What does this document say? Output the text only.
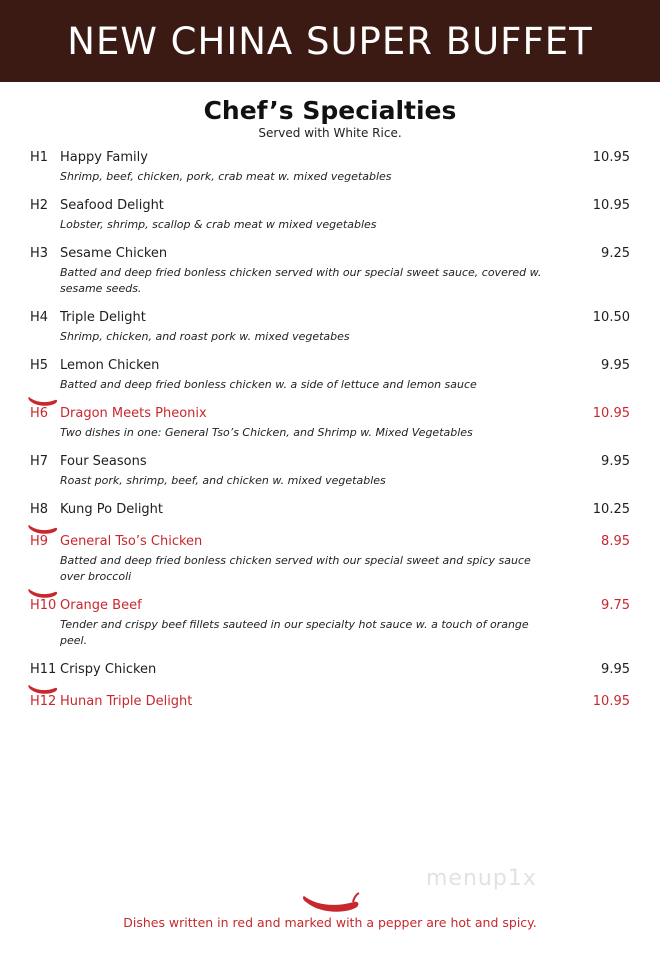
NEW CHINA SUPER BUFFET
Chef’s Specialties
Served with White Rice.
H1 Happy Family	10.95
Shrimp, beef, chicken, pork, crab meat w. mixed vegetables
H2 Seafood Delight	10.95
Lobster, shrimp, scallop & crab meat w mixed vegetables
H3 Sesame Chicken	9.25
Batted and deep fried bonless chicken served with our special sweet sauce, covered w. sesame seeds.
H4 Triple Delight	10.50
Shrimp, chicken, and roast pork w. mixed vegetabes
H5 Lemon Chicken	9.95
Batted and deep fried bonless chicken w. a side of lettuce and lemon sauce
H6 Dragon Meets Pheonix	10.95
Two dishes in one: General Tso’s Chicken, and Shrimp w. Mixed Vegetables
H7 Four Seasons	9.95
Roast pork, shrimp, beef, and chicken w. mixed vegetables
H8 Kung Po Delight	10.25
H9 General Tso’s Chicken	8.95
Batted and deep fried bonless chicken served with our special sweet and spicy sauce over broccoli
H10 Orange Beef	9.75
Tender and crispy beef fillets sauteed in our specialty hot sauce w. a touch of orange peel.
H11 Crispy Chicken	9.95
H12 Hunan Triple Delight	10.95
menup1x
Dishes written in red and marked with a pepper are hot and spicy.
